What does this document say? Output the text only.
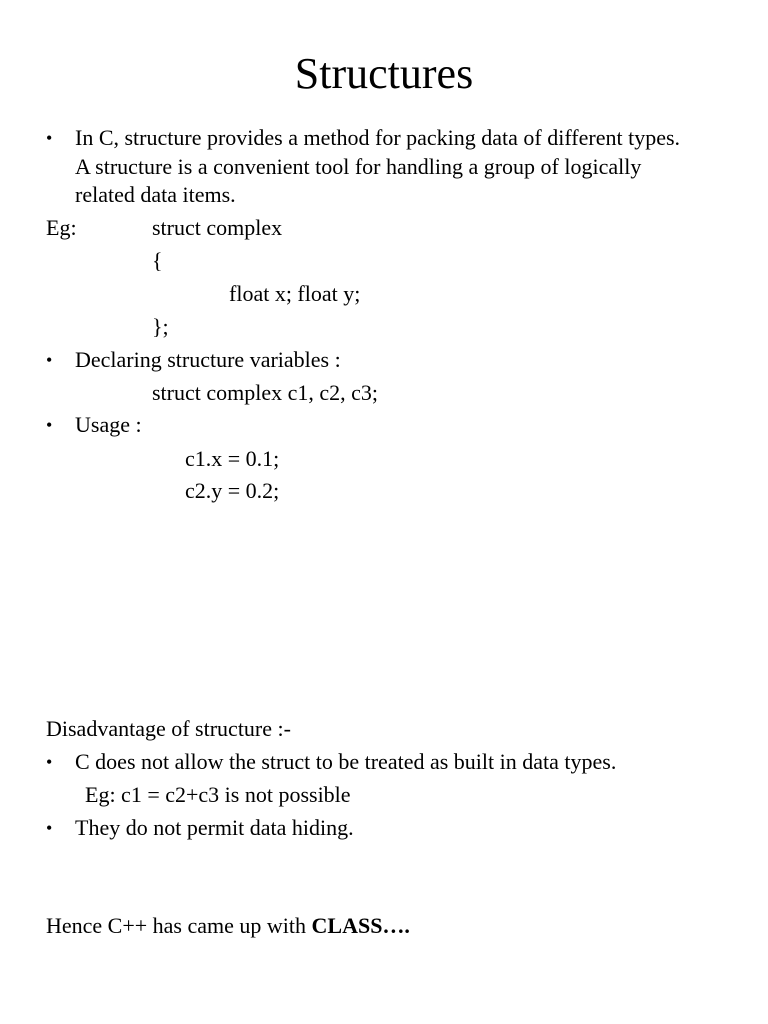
Structures
• In C, structure provides a method for packing data of different types.
A structure is a convenient tool for handling a group of logically
related data items.
Eg:	struct complex
{
float x; float y;
};
• Declaring structure variables :
struct complex c1, c2, c3;
• Usage :
c1.x = 0.1;
c2.y = 0.2;
Disadvantage of structure :-
• C does not allow the struct to be treated as built in data types.
Eg: c1 = c2+c3 is not possible
• They do not permit data hiding.
Hence C++ has came up with CLASS….
